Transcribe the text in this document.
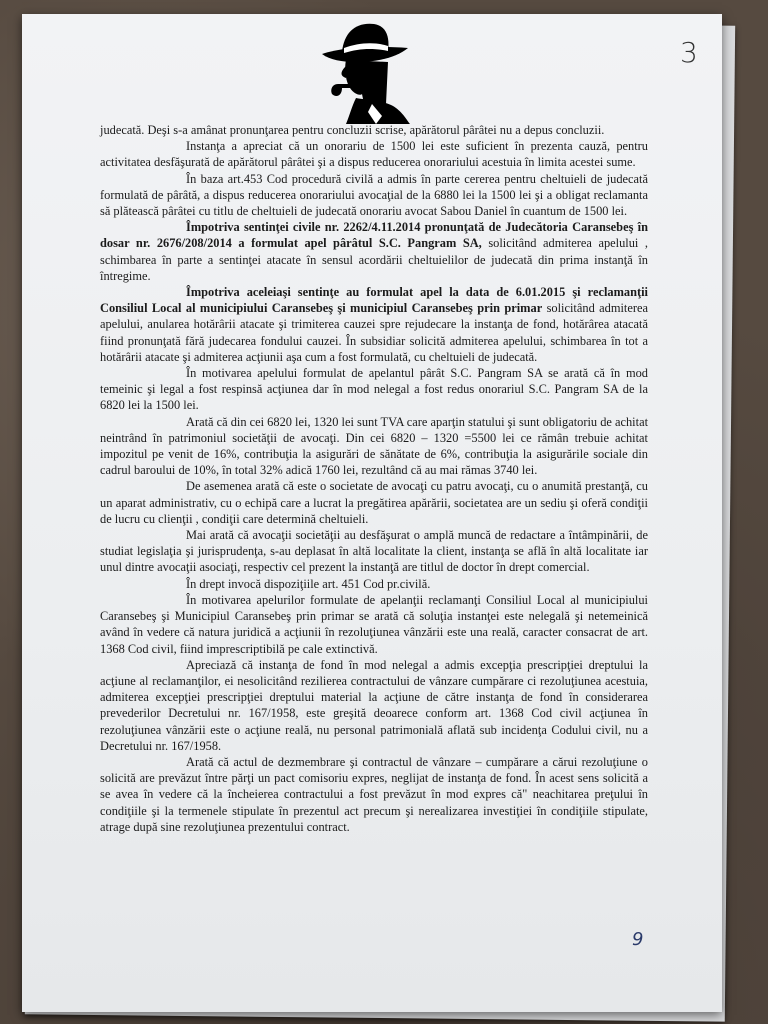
3

judecată. Deşi s-a amânat pronunţarea pentru concluzii scrise, apărătorul pârâtei nu a depus concluzii.

Instanţa a apreciat că un onorariu de 1500 lei este suficient în prezenta cauză, pentru activitatea desfăşurată de apărătorul pârâtei şi a dispus reducerea onorariului acestuia în limita acestei sume.

În baza art.453 Cod procedură civilă a admis în parte cererea pentru cheltuieli de judecată formulată de pârâtă, a dispus reducerea onorariului avocaţial de la 6880 lei la 1500 lei şi a obligat reclamanta să plătească pârâtei cu titlu de cheltuieli de judecată onorariu avocat Sabou Daniel în cuantum de 1500 lei.

Împotriva sentinţei civile nr. 2262/4.11.2014 pronunţată de Judecătoria Caransebeş în dosar nr. 2676/208/2014 a formulat apel pârâtul S.C. Pangram SA, solicitând admiterea apelului , schimbarea în parte a sentinţei atacate în sensul acordării cheltuielilor de judecată din prima instanţă în întregime.

Împotriva aceleiaşi sentinţe au formulat apel la data de 6.01.2015 şi reclamanţii Consiliul Local al municipiului Caransebeş şi municipiul Caransebeş prin primar solicitând admiterea apelului, anularea hotărârii atacate şi trimiterea cauzei spre rejudecare la instanţa de fond, hotărârea atacată fiind pronunţată fără judecarea fondului cauzei. În subsidiar solicită admiterea apelului, schimbarea în tot a hotărârii atacate şi admiterea acţiunii aşa cum a fost formulată, cu cheltuieli de judecată.

În motivarea apelului formulat de apelantul pârât S.C. Pangram SA se arată că în mod temeinic şi legal a fost respinsă acţiunea dar în mod nelegal a fost redus onorariul S.C. Pangram SA de la 6820 lei la 1500 lei.

Arată că din cei 6820 lei, 1320 lei sunt TVA care aparţin statului şi sunt obligatoriu de achitat neintrând în patrimoniul societăţii de avocaţi. Din cei 6820 – 1320 =5500 lei ce rămân trebuie achitat impozitul pe venit de 16%, contribuţia la asigurări de sănătate de 6%, contribuţia la asigurările sociale din cadrul baroului de 10%, în total 32% adică 1760 lei, rezultând că au mai rămas 3740 lei.

De asemenea arată că este o societate de avocaţi cu patru avocaţi, cu o anumită prestanţă, cu un aparat administrativ, cu o echipă care a lucrat la pregătirea apărării, societatea are un sediu şi oferă condiţii de lucru cu clienţii , condiţii care determină cheltuieli.

Mai arată că avocaţii societăţii au desfăşurat o amplă muncă de redactare a întâmpinării, de studiat legislaţia şi jurisprudenţa, s-au deplasat în altă localitate la client, instanţa se află în altă localitate iar unul dintre avocaţii asociaţi, respectiv cel prezent la instanţă are titlul de doctor în drept comercial.

În drept invocă dispoziţiile art. 451 Cod pr.civilă.

În motivarea apelurilor formulate de apelanţii reclamanţi Consiliul Local al municipiului Caransebeş şi Municipiul Caransebeş prin primar se arată că soluţia instanţei este nelegală şi netemeinică având în vedere că natura juridică a acţiunii în rezoluţiunea vânzării este una reală, caracter consacrat de art. 1368 Cod civil, fiind imprescriptibilă pe cale extinctivă.

Apreciază că instanţa de fond în mod nelegal a admis excepţia prescripţiei dreptului la acţiune al reclamanţilor, ei nesolicitând rezilierea contractului de vânzare cumpărare ci rezoluţiunea acestuia, admiterea excepţiei prescripţiei dreptului material la acţiune de către instanţa de fond în considerarea prevederilor Decretului nr. 167/1958, este greşită deoarece conform art. 1368 Cod civil acţiunea în rezoluţiunea vânzării este o acţiune reală, nu personal patrimonială aflată sub incidenţa Codului civil, nu a Decretului nr. 167/1958.

Arată că actul de dezmembrare şi contractul de vânzare – cumpărare a cărui rezoluţiune o solicită are prevăzut între părţi un pact comisoriu expres, neglijat de instanţa de fond. În acest sens solicită a se avea în vedere că la încheierea contractului a fost prevăzut în mod expres că" neachitarea preţului în condiţiile şi la termenele stipulate în prezentul act precum şi nerealizarea investiţiei în condiţiile stipulate, atrage după sine rezoluţiunea prezentului contract.

9
